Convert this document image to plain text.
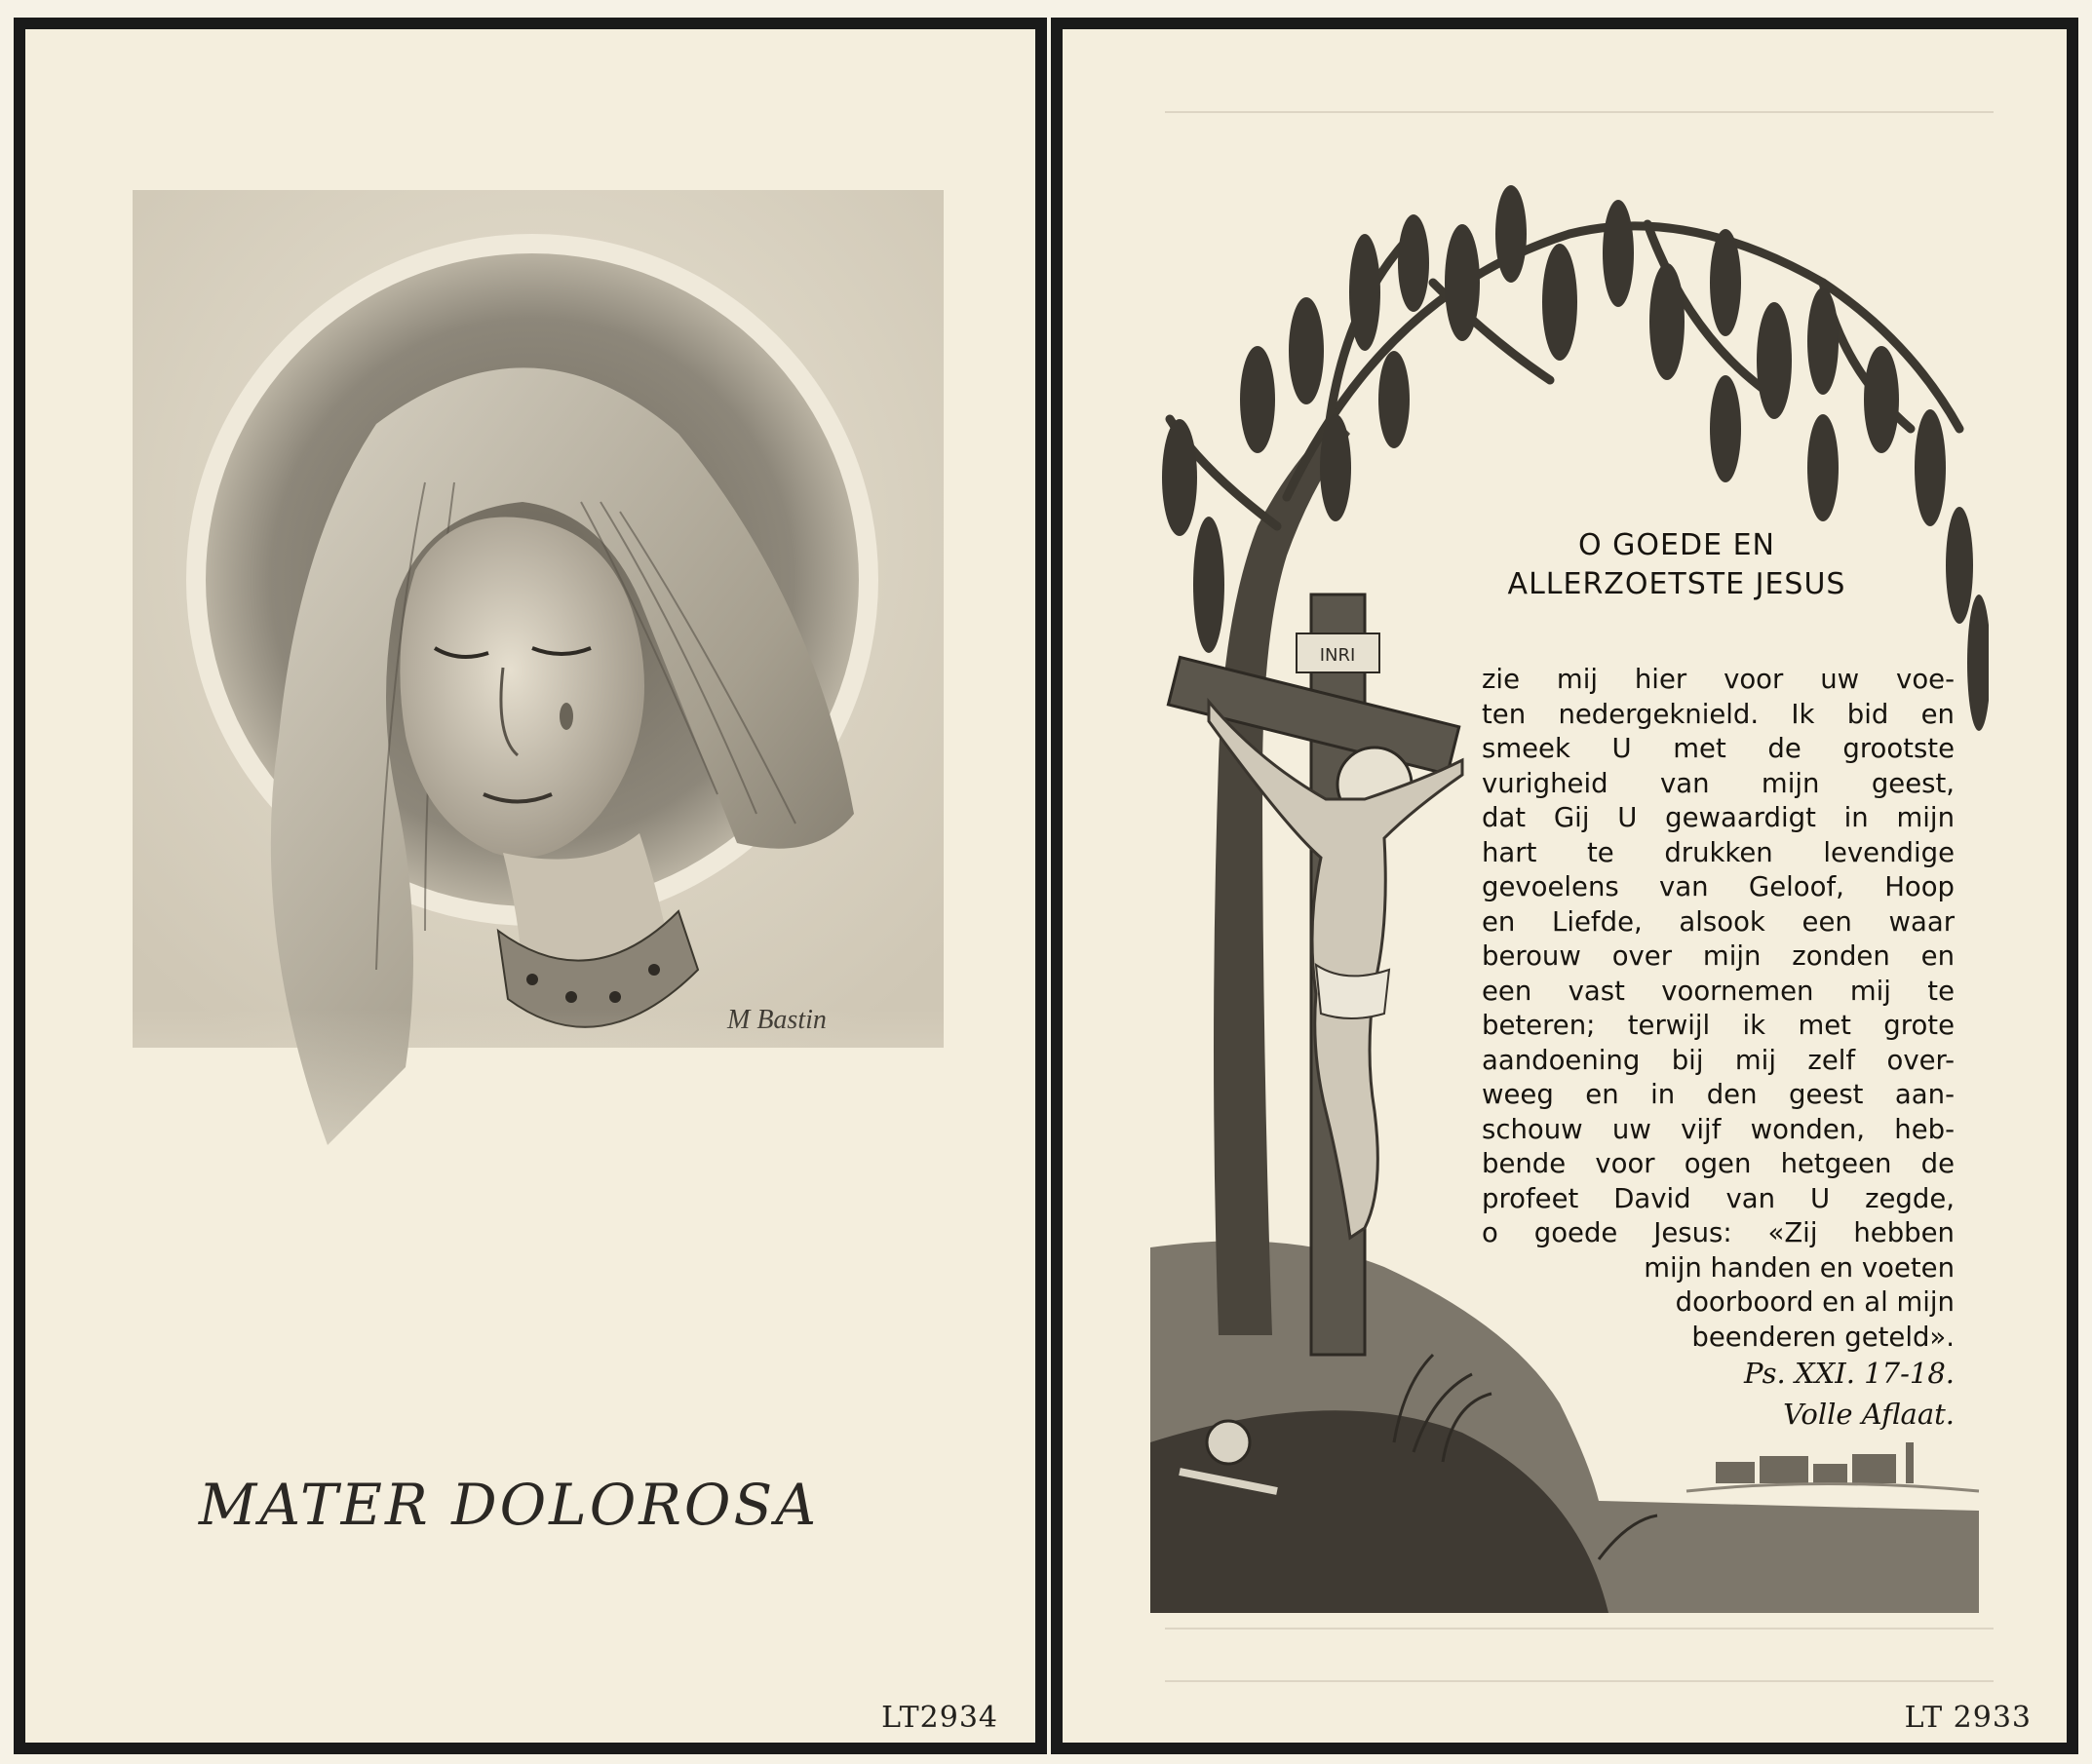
MATER DOLOROSA
LT2934
INRI
O GOEDE EN
ALLERZOETSTE JESUS
zie mij hier voor uw voe-
ten nedergeknield. Ik bid en
smeek U met de grootste
vurigheid van mijn geest,
dat Gij U gewaardigt in mijn
hart te drukken levendige
gevoelens van Geloof, Hoop
en Liefde, alsook een waar
berouw over mijn zonden en
een vast voornemen mij te
beteren; terwijl ik met grote
aandoening bij mij zelf over-
weeg en in den geest aan-
schouw uw vijf wonden, heb-
bende voor ogen hetgeen de
profeet David van U zegde,
o goede Jesus: «Zij hebben
mijn handen en voeten
doorboord en al mijn
beenderen geteld».
Ps. XXI. 17-18.
Volle Aflaat.
LT 2933
